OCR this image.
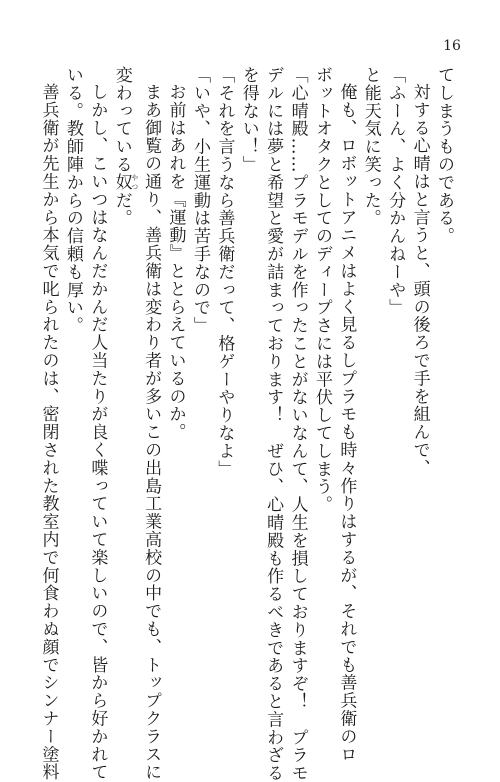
16
てしまうものである。
対する心晴はと言うと、頭の後ろで手を組んで、
「ふーん、よく分かんねーや」
と能天気に笑った。
俺も、ロボットアニメはよく見るしプラモも時々作りはするが、それでも善兵衛のロ
ボットオタクとしてのディープさには平伏してしまう。
「心晴殿……プラモデルを作ったことがないなんて、人生を損しておりますぞ！　プラモ
デルには夢と希望と愛が詰まっております！　ぜひ、心晴殿も作るべきであると言わざる
を得ない！」
「それを言うなら善兵衛だって、格ゲーやりなよ」
「いや、小生運動は苦手なので」
お前はあれを『運動』ととらえているのか。
まあ御覧の通り、善兵衛は変わり者が多いこの出島工業高校の中でも、トップクラスに
変わっている奴 やつだ。
しかし、こいつはなんだかんだ人当たりが良く喋っていて楽しいので、皆から好かれて
いる。教師陣からの信頼も厚い。
善兵衛が先生から本気で叱られたのは、密閉された教室内で何食わぬ顔でシンナー塗料
